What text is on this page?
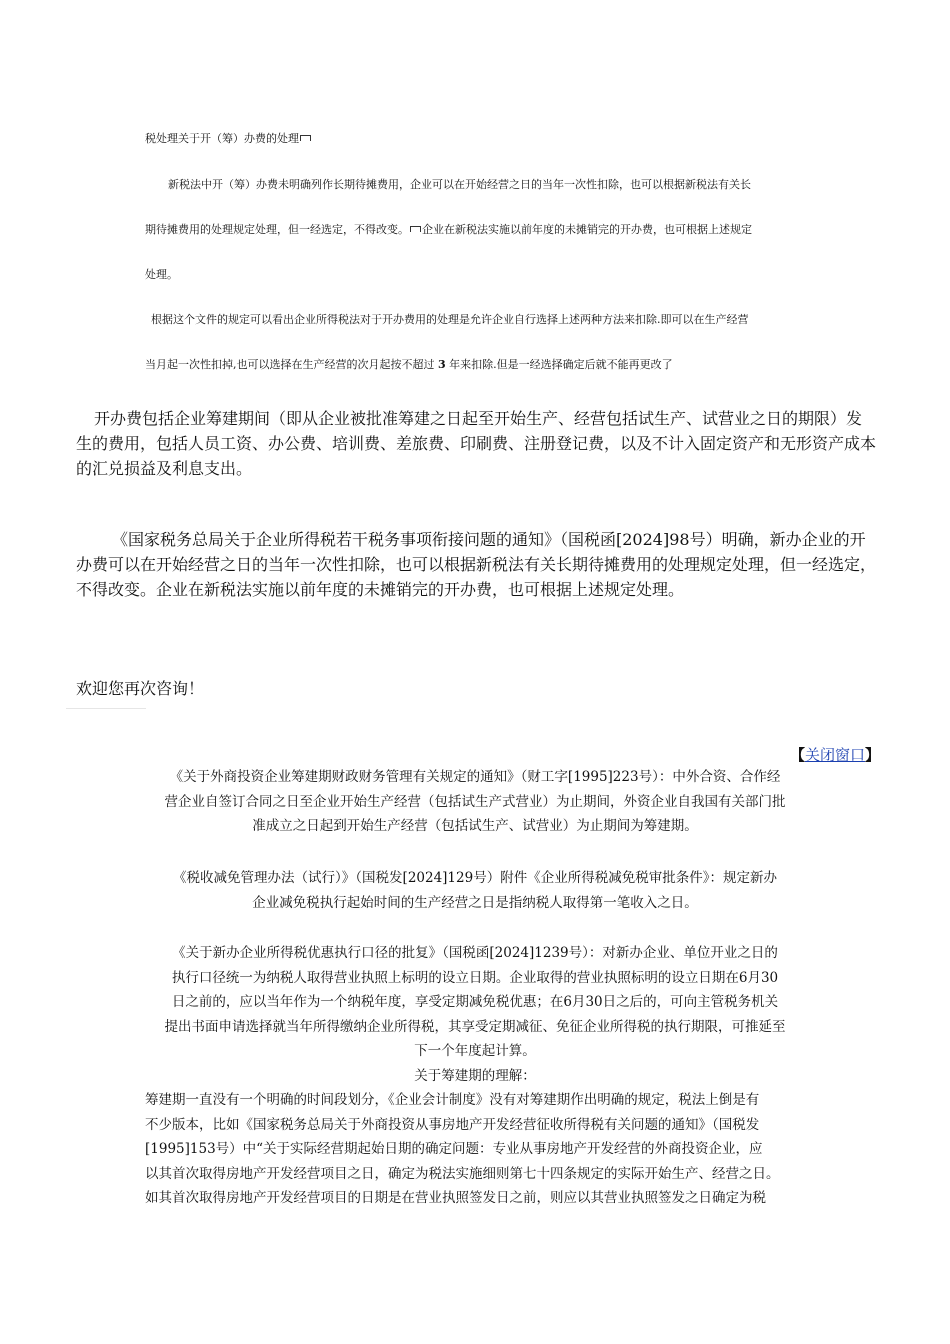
税处理关于开（筹）办费的处理
新税法中开（筹）办费未明确列作长期待摊费用，企业可以在开始经营之日的当年一次性扣除，也可以根据新税法有关长
期待摊费用的处理规定处理，但一经选定，不得改变。 企业在新税法实施以前年度的未摊销完的开办费，也可根据上述规定
处理。
根据这个文件的规定可以看出企业所得税法对于开办费用的处理是允许企业自行选择上述两种方法来扣除.即可以在生产经营
当月起一次性扣掉,也可以选择在生产经营的次月起按不超过 3 年来扣除.但是一经选择确定后就不能再更改了

开办费包括企业筹建期间（即从企业被批准筹建之日起至开始生产、经营包括试生产、试营业之日的期限）发生的费用，包括人员工资、办公费、培训费、差旅费、印刷费、注册登记费，以及不计入固定资产和无形资产成本的汇兑损益及利息支出。

《国家税务总局关于企业所得税若干税务事项衔接问题的通知》（国税函[2024]98号）明确，新办企业的开办费可以在开始经营之日的当年一次性扣除，也可以根据新税法有关长期待摊费用的处理规定处理，但一经选定，不得改变。企业在新税法实施以前年度的未摊销完的开办费，也可根据上述规定处理。

欢迎您再次咨询！
【关闭窗口】

《关于外商投资企业筹建期财政财务管理有关规定的通知》（财工字[1995]223号）：中外合资、合作经

营企业自签订合同之日至企业开始生产经营（包括试生产式营业）为止期间，外资企业自我国有关部门批

准成立之日起到开始生产经营（包括试生产、试营业）为止期间为筹建期。

《税收减免管理办法（试行）》（国税发[2024]129号）附件《企业所得税减免税审批条件》：规定新办

企业减免税执行起始时间的生产经营之日是指纳税人取得第一笔收入之日。

《关于新办企业所得税优惠执行口径的批复》（国税函[2024]1239号）：对新办企业、单位开业之日的

执行口径统一为纳税人取得营业执照上标明的设立日期。企业取得的营业执照标明的设立日期在6月30

日之前的，应以当年作为一个纳税年度，享受定期减免税优惠；在6月30日之后的，可向主管税务机关

提出书面申请选择就当年所得缴纳企业所得税，其享受定期减征、免征企业所得税的执行期限，可推延至

下一个年度起计算。

关于筹建期的理解：

筹建期一直没有一个明确的时间段划分，《企业会计制度》没有对筹建期作出明确的规定，税法上倒是有
不少版本，比如《国家税务总局关于外商投资从事房地产开发经营征收所得税有关问题的通知》（国税发
[1995]153号）中“关于实际经营期起始日期的确定问题：专业从事房地产开发经营的外商投资企业，应
以其首次取得房地产开发经营项目之日，确定为税法实施细则第七十四条规定的实际开始生产、经营之日。
如其首次取得房地产开发经营项目的日期是在营业执照签发日之前，则应以其营业执照签发之日确定为税
